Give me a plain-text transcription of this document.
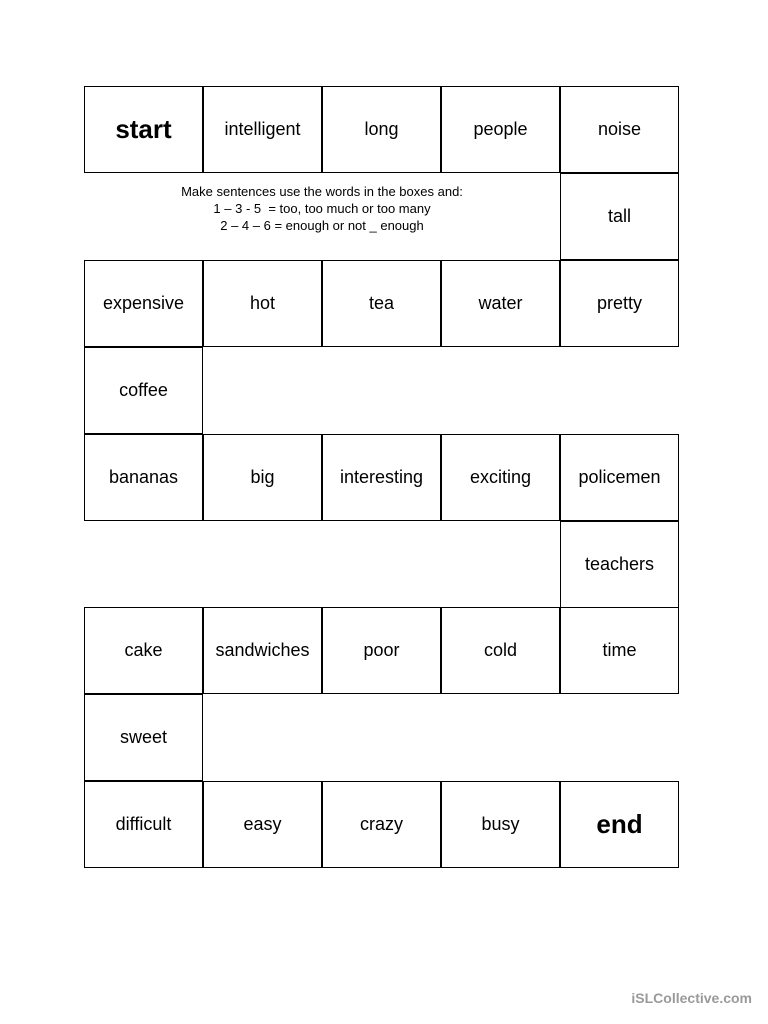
start	intelligent	long	people	noise
Make sentences use the words in the boxes and:
1 – 3 - 5  = too, too much or too many
2 – 4 – 6 = enough or not _ enough	tall
expensive	hot	tea	water	pretty
coffee
bananas	big	interesting	exciting	policemen
teachers
cake	sandwiches	poor	cold	time
sweet
difficult	easy	crazy	busy	end
iSLCollective.com
